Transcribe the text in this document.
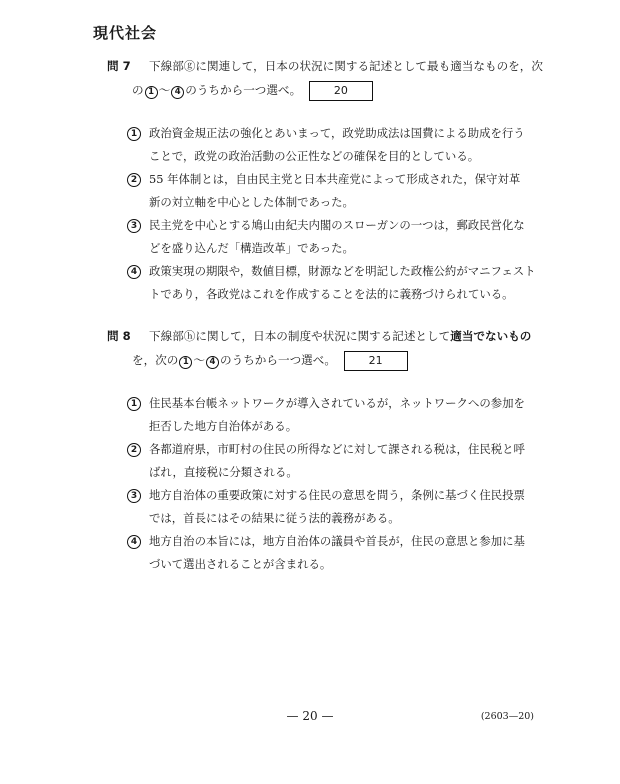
現代社会
問 7 下線部ⓖに関連して，日本の状況に関する記述として最も適当なものを，次
の 1 ～ 4 のうちから一つ選べ。	20
1	政治資金規正法の強化とあいまって，政党助成法は国費による助成を行う
ことで，政党の政治活動の公正性などの確保を目的としている。
2	55 年体制とは，自由民主党と日本共産党によって形成された，保守対革
新の対立軸を中心とした体制であった。
3	民主党を中心とする鳩山由紀夫内閣のスローガンの一つは，郵政民営化な
どを盛り込んだ「構造改革」であった。
4	政策実現の期限や，数値目標，財源などを明記した政権公約がマニフェスト
トであり，各政党はこれを作成することを法的に義務づけられている。
問 8 下線部ⓗに関して，日本の制度や状況に関する記述として適当でないもの
を，次の 1 ～ 4 のうちから一つ選べ。	21
1	住民基本台帳ネットワークが導入されているが，ネットワークへの参加を
拒否した地方自治体がある。
2	各都道府県，市町村の住民の所得などに対して課される税は，住民税と呼
ばれ，直接税に分類される。
3	地方自治体の重要政策に対する住民の意思を問う，条例に基づく住民投票
では，首長にはその結果に従う法的義務がある。
4	地方自治の本旨には，地方自治体の議員や首長が，住民の意思と参加に基
づいて選出されることが含まれる。
— 20 —	(2603—20)
